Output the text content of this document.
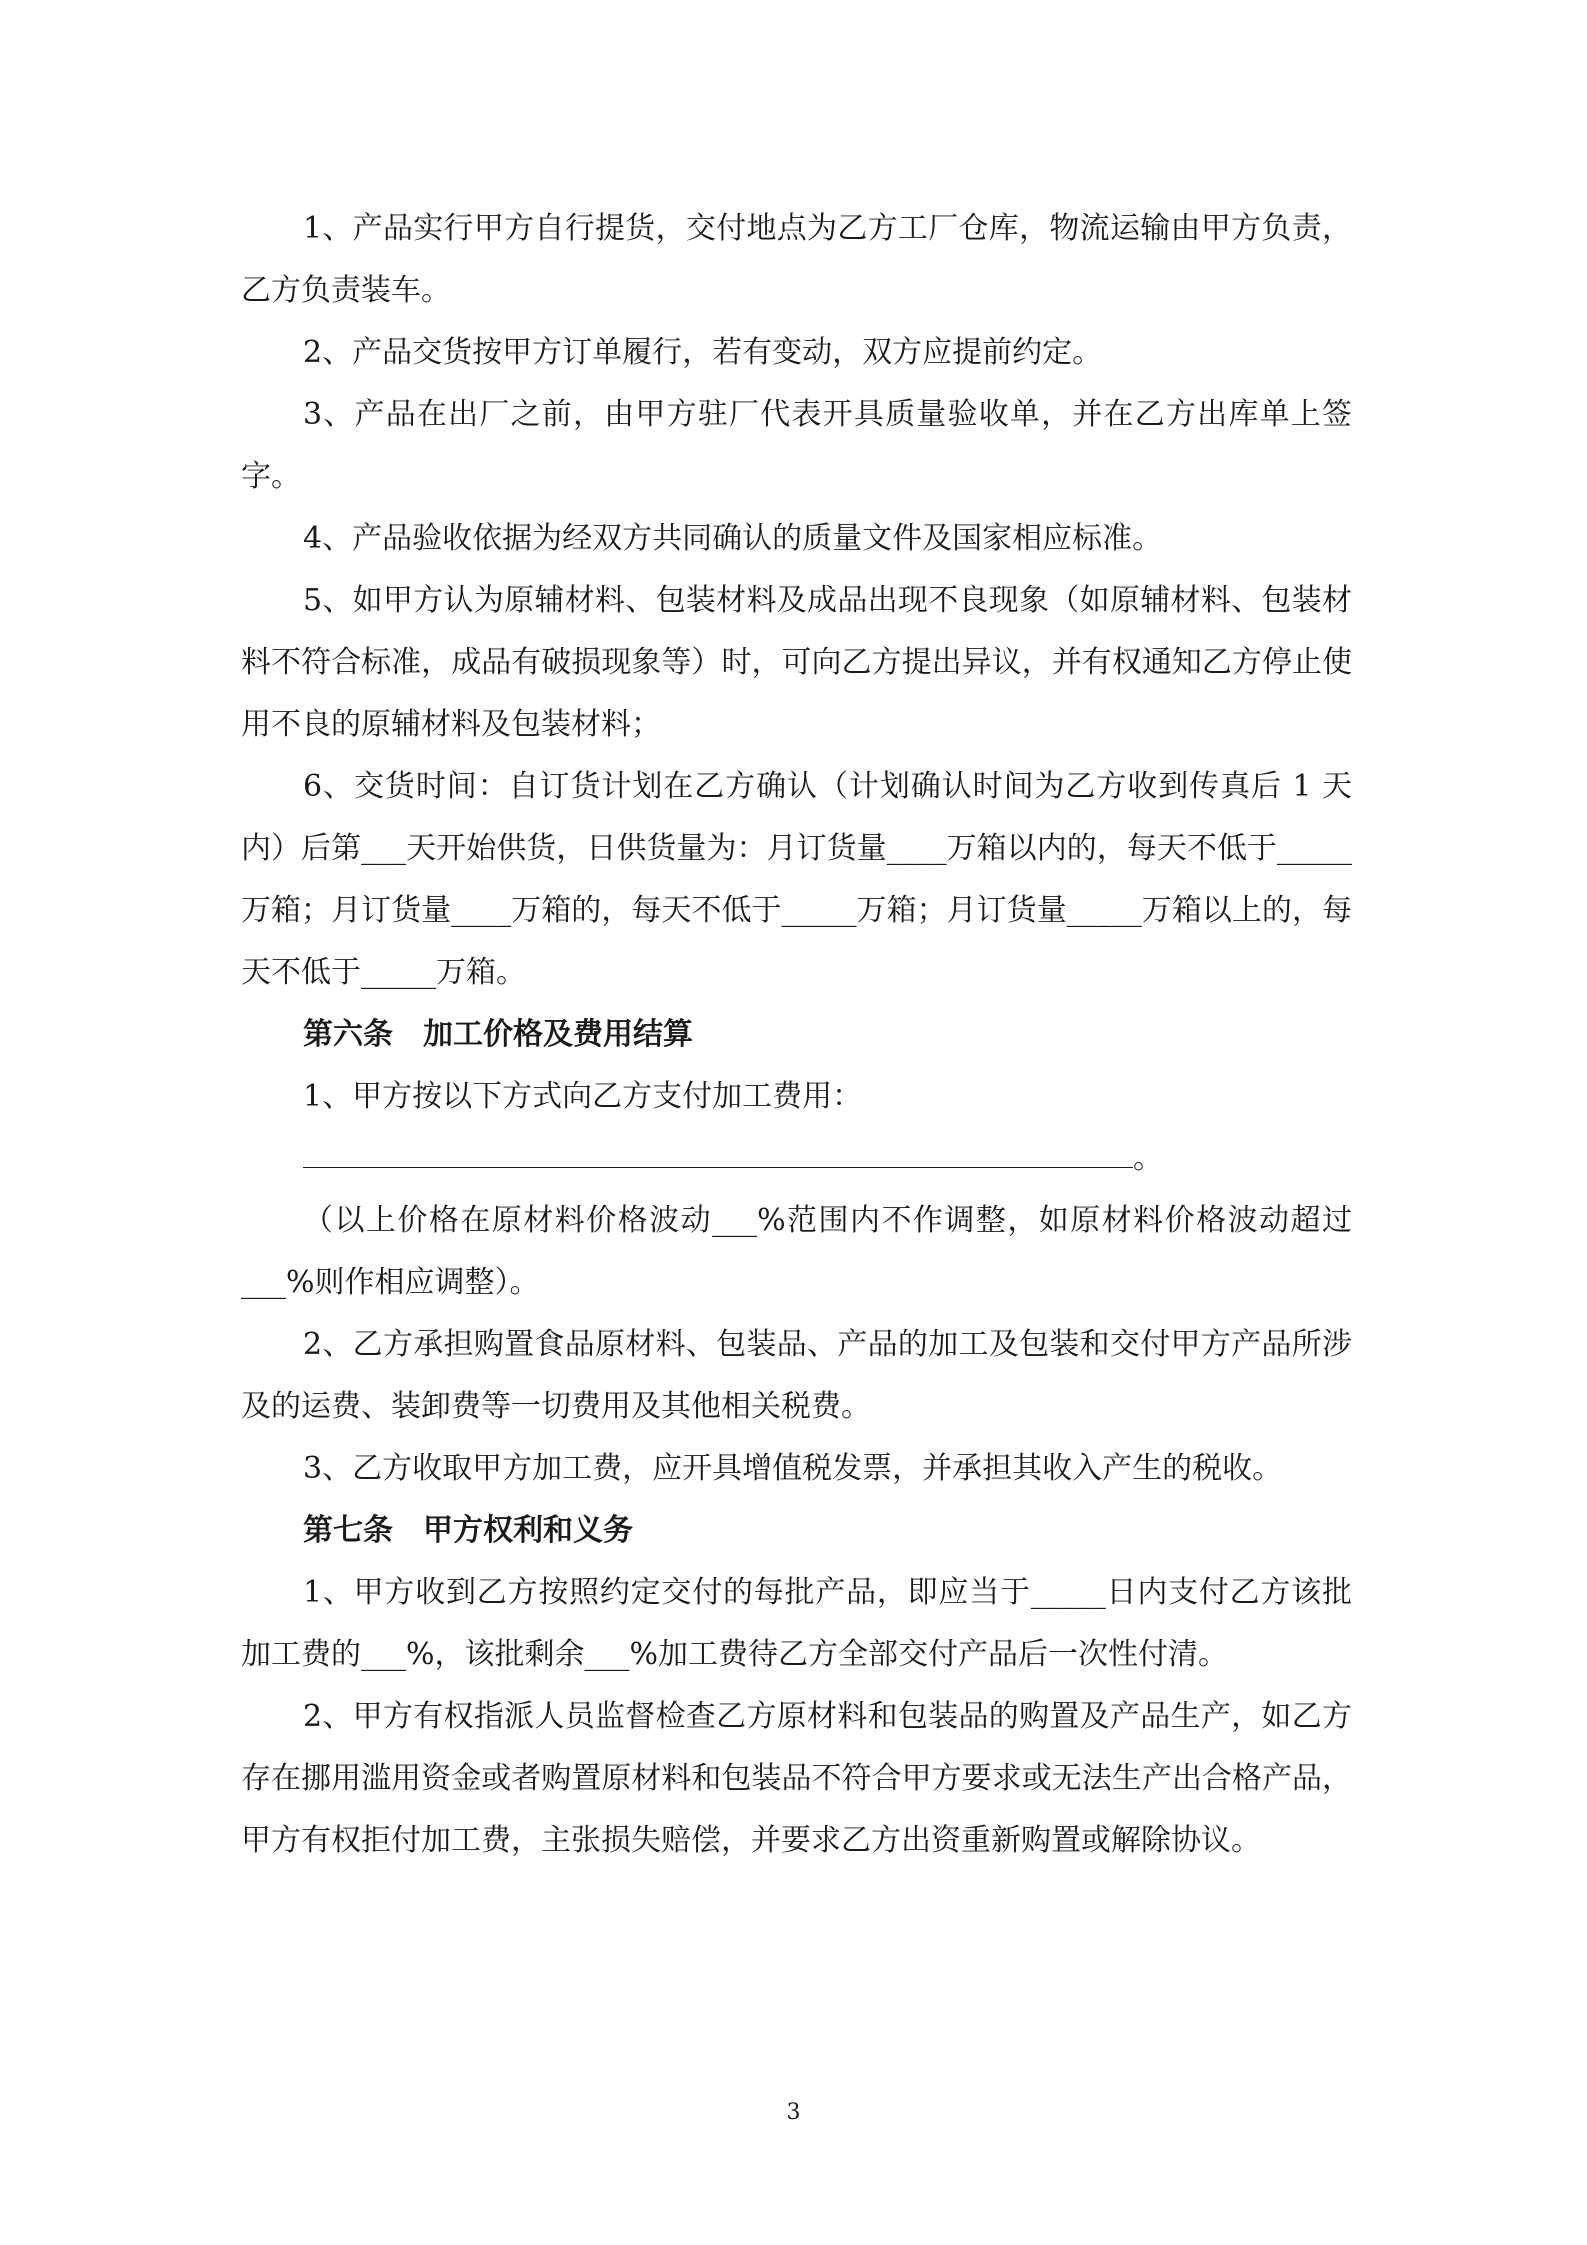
1、产品实行甲方自行提货，交付地点为乙方工厂仓库，物流运输由甲方负责，乙方负责装车。

2、产品交货按甲方订单履行，若有变动，双方应提前约定。

3、产品在出厂之前，由甲方驻厂代表开具质量验收单，并在乙方出库单上签字。

4、产品验收依据为经双方共同确认的质量文件及国家相应标准。

5、如甲方认为原辅材料、包装材料及成品出现不良现象（如原辅材料、包装材料不符合标准，成品有破损现象等）时，可向乙方提出异议，并有权通知乙方停止使用不良的原辅材料及包装材料；

6、交货时间：自订货计划在乙方确认（计划确认时间为乙方收到传真后 1 天内）后第___天开始供货，日供货量为：月订货量____万箱以内的，每天不低于_____万箱；月订货量____万箱的，每天不低于_____万箱；月订货量_____万箱以上的，每天不低于_____万箱。

第六条　加工价格及费用结算

1、甲方按以下方式向乙方支付加工费用：

。

（以上价格在原材料价格波动___%范围内不作调整，如原材料价格波动超过___%则作相应调整）。

2、乙方承担购置食品原材料、包装品、产品的加工及包装和交付甲方产品所涉及的运费、装卸费等一切费用及其他相关税费。

3、乙方收取甲方加工费，应开具增值税发票，并承担其收入产生的税收。

第七条　甲方权利和义务

1、甲方收到乙方按照约定交付的每批产品，即应当于_____日内支付乙方该批加工费的___%，该批剩余___%加工费待乙方全部交付产品后一次性付清。

2、甲方有权指派人员监督检查乙方原材料和包装品的购置及产品生产，如乙方存在挪用滥用资金或者购置原材料和包装品不符合甲方要求或无法生产出合格产品，甲方有权拒付加工费，主张损失赔偿，并要求乙方出资重新购置或解除协议。

3
